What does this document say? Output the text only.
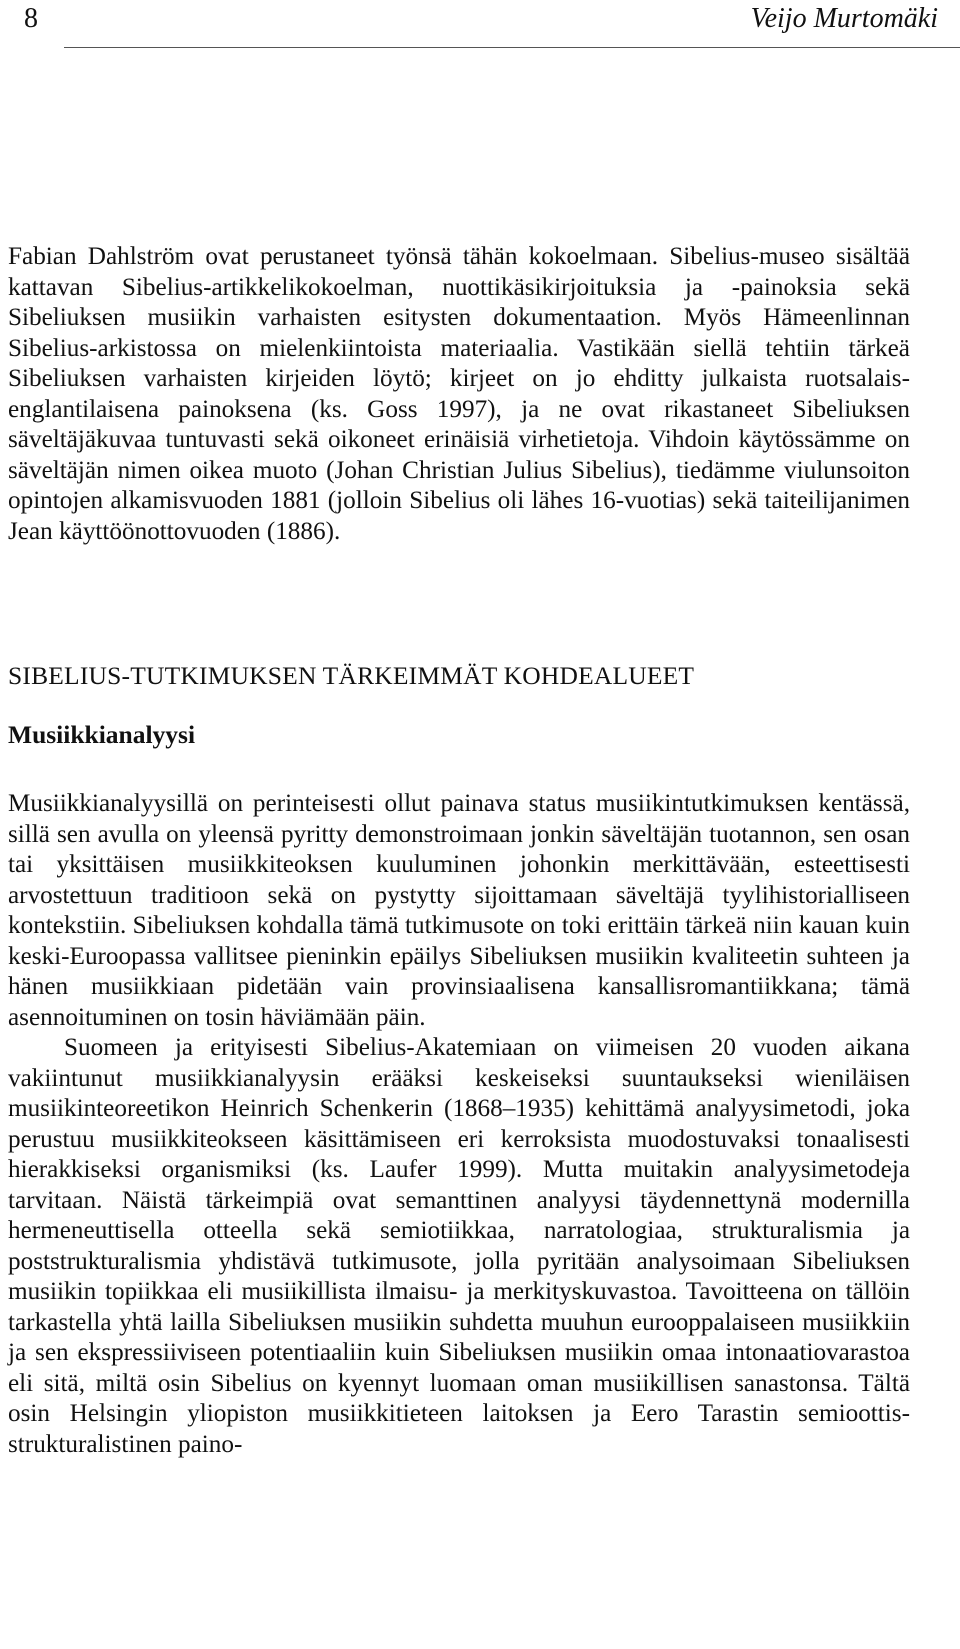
8	Veijo Murtomäki

Fabian Dahlström ovat perustaneet työnsä tähän kokoelmaan. Sibelius-museo sisältää kattavan Sibelius-artikkelikokoelman, nuottikäsikirjoituksia ja -painoksia sekä Sibeliuksen musiikin varhaisten esitysten dokumentaation. Myös Hämeenlinnan Sibelius-arkistossa on mielenkiintoista materiaalia. Vastikään siellä tehtiin tärkeä Sibeliuksen varhaisten kirjeiden löytö; kirjeet on jo ehditty julkaista ruotsalais-englantilaisena painoksena (ks. Goss 1997), ja ne ovat rikastaneet Sibeliuksen säveltäjäkuvaa tuntuvasti sekä oikoneet erinäisiä virhetietoja. Vihdoin käytössämme on säveltäjän nimen oikea muoto (Johan Christian Julius Sibelius), tiedämme viulunsoiton opintojen alkamisvuoden 1881 (jolloin Sibelius oli lähes 16-vuotias) sekä taiteilijanimen Jean käyttöönottovuoden (1886).

SIBELIUS-TUTKIMUKSEN TÄRKEIMMÄT KOHDEALUEET
Musiikkianalyysi
Musiikkianalyysillä on perinteisesti ollut painava status musiikintutkimuksen kentässä, sillä sen avulla on yleensä pyritty demonstroimaan jonkin säveltäjän tuotannon, sen osan tai yksittäisen musiikkiteoksen kuuluminen johonkin merkittävään, esteettisesti arvostettuun traditioon sekä on pystytty sijoittamaan säveltäjä tyylihistorialliseen kontekstiin. Sibeliuksen kohdalla tämä tutkimusote on toki erittäin tärkeä niin kauan kuin keski-Euroopassa vallitsee pieninkin epäilys Sibeliuksen musiikin kvaliteetin suhteen ja hänen musiikkiaan pidetään vain provinsiaalisena kansallisromantiikkana; tämä asennoituminen on tosin häviämään päin.
Suomeen ja erityisesti Sibelius-Akatemiaan on viimeisen 20 vuoden aikana vakiintunut musiikkianalyysin erääksi keskeiseksi suuntaukseksi wieniläisen musiikinteoreetikon Heinrich Schenkerin (1868–1935) kehittämä analyysimetodi, joka perustuu musiikkiteokseen käsittämiseen eri kerroksista muodostuvaksi tonaalisesti hierakkiseksi organismiksi (ks. Laufer 1999). Mutta muitakin analyysimetodeja tarvitaan. Näistä tärkeimpiä ovat semanttinen analyysi täydennettynä modernilla hermeneuttisella otteella sekä semiotiikkaa, narratologiaa, strukturalismia ja poststrukturalismia yhdistävä tutkimusote, jolla pyritään analysoimaan Sibeliuksen musiikin topiikkaa eli musiikillista ilmaisu- ja merkityskuvastoa. Tavoitteena on tällöin tarkastella yhtä lailla Sibeliuksen musiikin suhdetta muuhun eurooppalaiseen musiikkiin ja sen ekspressiiviseen potentiaaliin kuin Sibeliuksen musiikin omaa intonaatiovarastoa eli sitä, miltä osin Sibelius on kyennyt luomaan oman musiikillisen sanastonsa. Tältä osin Helsingin yliopiston musiikkitieteen laitoksen ja Eero Tarastin semioottis-strukturalistinen paino-
